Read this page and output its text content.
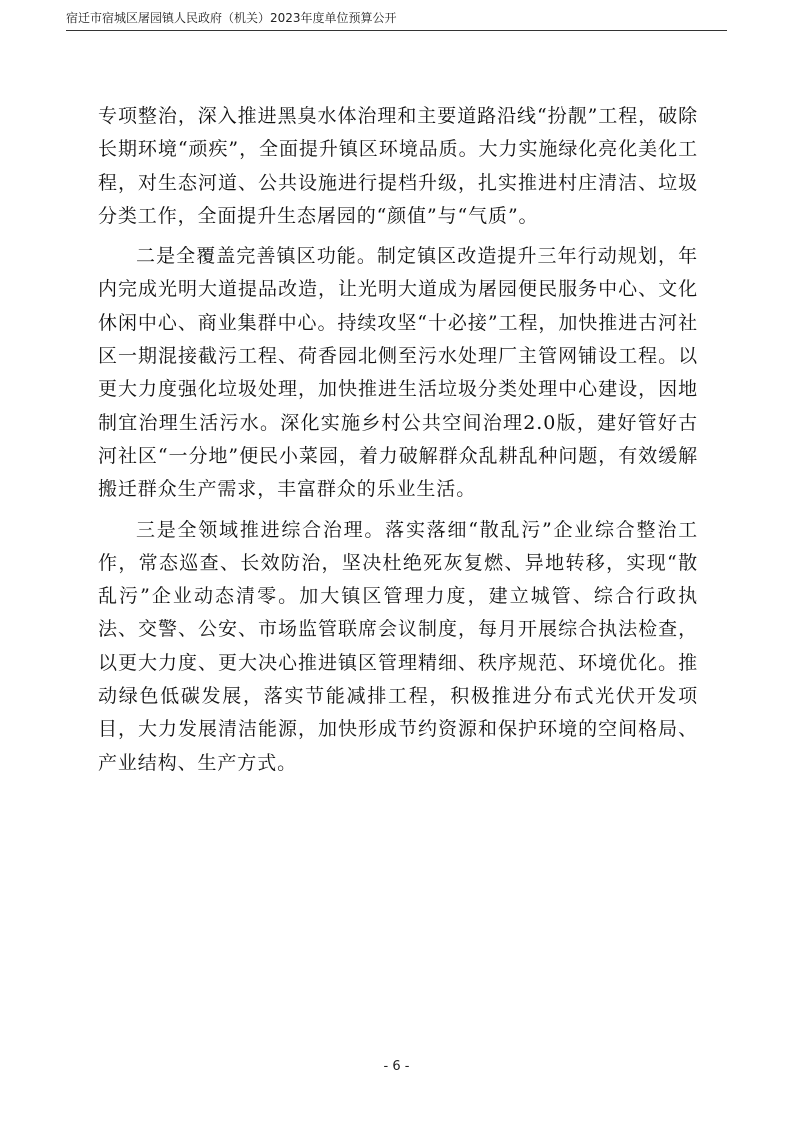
宿迁市宿城区屠园镇人民政府（机关）2023年度单位预算公开

专项整治，深入推进黑臭水体治理和主要道路沿线“扮靓”工程，破除长期环境“顽疾”，全面提升镇区环境品质。大力实施绿化亮化美化工程，对生态河道、公共设施进行提档升级，扎实推进村庄清洁、垃圾分类工作，全面提升生态屠园的“颜值”与“气质”。

二是全覆盖完善镇区功能。制定镇区改造提升三年行动规划，年内完成光明大道提品改造，让光明大道成为屠园便民服务中心、文化休闲中心、商业集群中心。持续攻坚“十必接”工程，加快推进古河社区一期混接截污工程、荷香园北侧至污水处理厂主管网铺设工程。以更大力度强化垃圾处理，加快推进生活垃圾分类处理中心建设，因地制宜治理生活污水。深化实施乡村公共空间治理2.0版，建好管好古河社区“一分地”便民小菜园，着力破解群众乱耕乱种问题，有效缓解搬迁群众生产需求，丰富群众的乐业生活。

三是全领域推进综合治理。落实落细“散乱污”企业综合整治工作，常态巡查、长效防治，坚决杜绝死灰复燃、异地转移，实现“散乱污”企业动态清零。加大镇区管理力度，建立城管、综合行政执法、交警、公安、市场监管联席会议制度，每月开展综合执法检查，以更大力度、更大决心推进镇区管理精细、秩序规范、环境优化。推动绿色低碳发展，落实节能减排工程，积极推进分布式光伏开发项目，大力发展清洁能源，加快形成节约资源和保护环境的空间格局、产业结构、生产方式。

- 6 -
